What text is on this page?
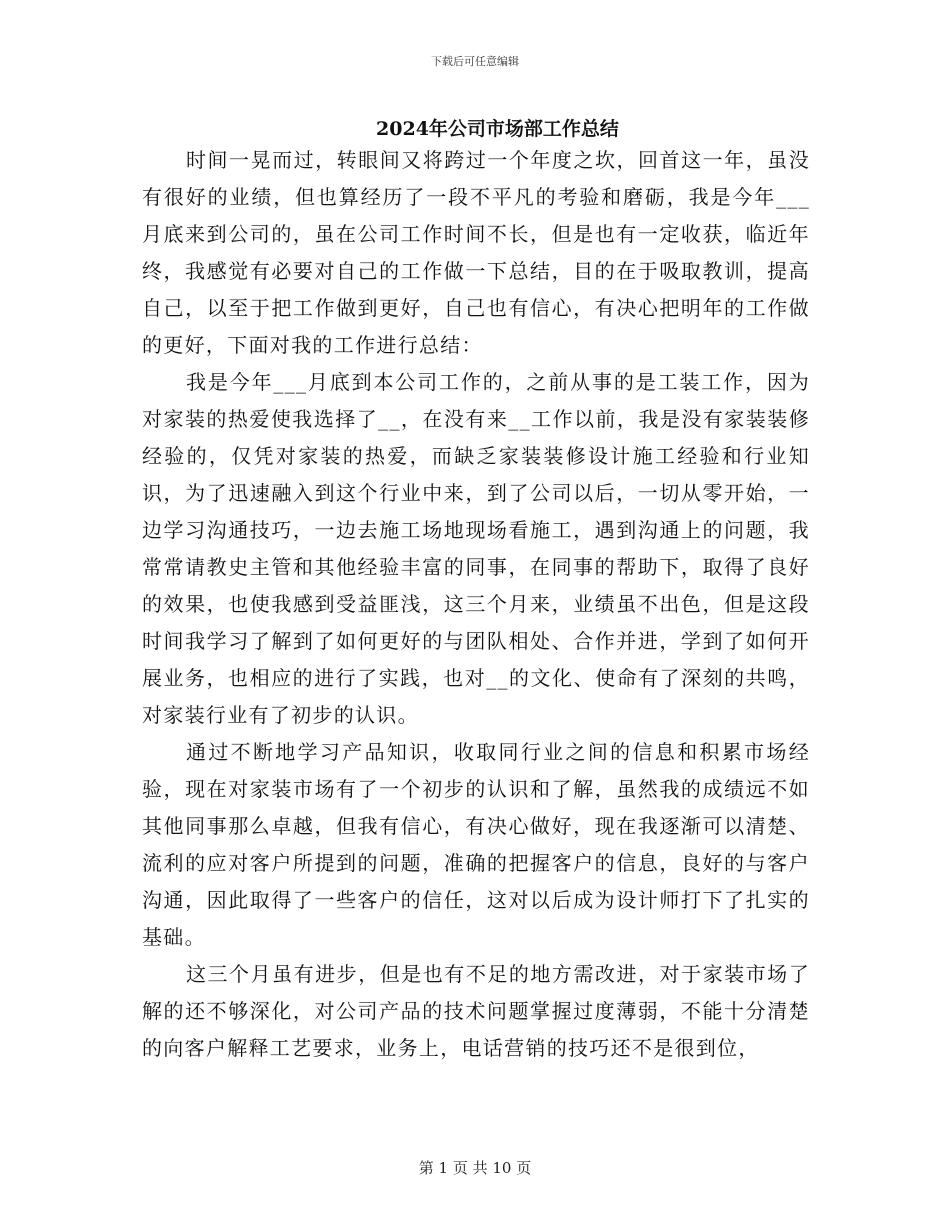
下载后可任意编辑
2024年公司市场部工作总结

时间一晃而过，转眼间又将跨过一个年度之坎，回首这一年，虽没有很好的业绩，但也算经历了一段不平凡的考验和磨砺，我是今年___月底来到公司的，虽在公司工作时间不长，但是也有一定收获，临近年终，我感觉有必要对自己的工作做一下总结，目的在于吸取教训，提高自己，以至于把工作做到更好，自己也有信心，有决心把明年的工作做的更好，下面对我的工作进行总结：

我是今年___月底到本公司工作的，之前从事的是工装工作，因为对家装的热爱使我选择了__，在没有来__工作以前，我是没有家装装修经验的，仅凭对家装的热爱，而缺乏家装装修设计施工经验和行业知识，为了迅速融入到这个行业中来，到了公司以后，一切从零开始，一边学习沟通技巧，一边去施工场地现场看施工，遇到沟通上的问题，我常常请教史主管和其他经验丰富的同事，在同事的帮助下，取得了良好的效果，也使我感到受益匪浅，这三个月来，业绩虽不出色，但是这段时间我学习了解到了如何更好的与团队相处、合作并进，学到了如何开展业务，也相应的进行了实践，也对__的文化、使命有了深刻的共鸣，对家装行业有了初步的认识。

通过不断地学习产品知识，收取同行业之间的信息和积累市场经验，现在对家装市场有了一个初步的认识和了解，虽然我的成绩远不如其他同事那么卓越，但我有信心，有决心做好，现在我逐渐可以清楚、流利的应对客户所提到的问题，准确的把握客户的信息，良好的与客户沟通，因此取得了一些客户的信任，这对以后成为设计师打下了扎实的基础。

这三个月虽有进步，但是也有不足的地方需改进，对于家装市场了解的还不够深化，对公司产品的技术问题掌握过度薄弱，不能十分清楚的向客户解释工艺要求，业务上，电话营销的技巧还不是很到位，

第 1 页 共 10 页
